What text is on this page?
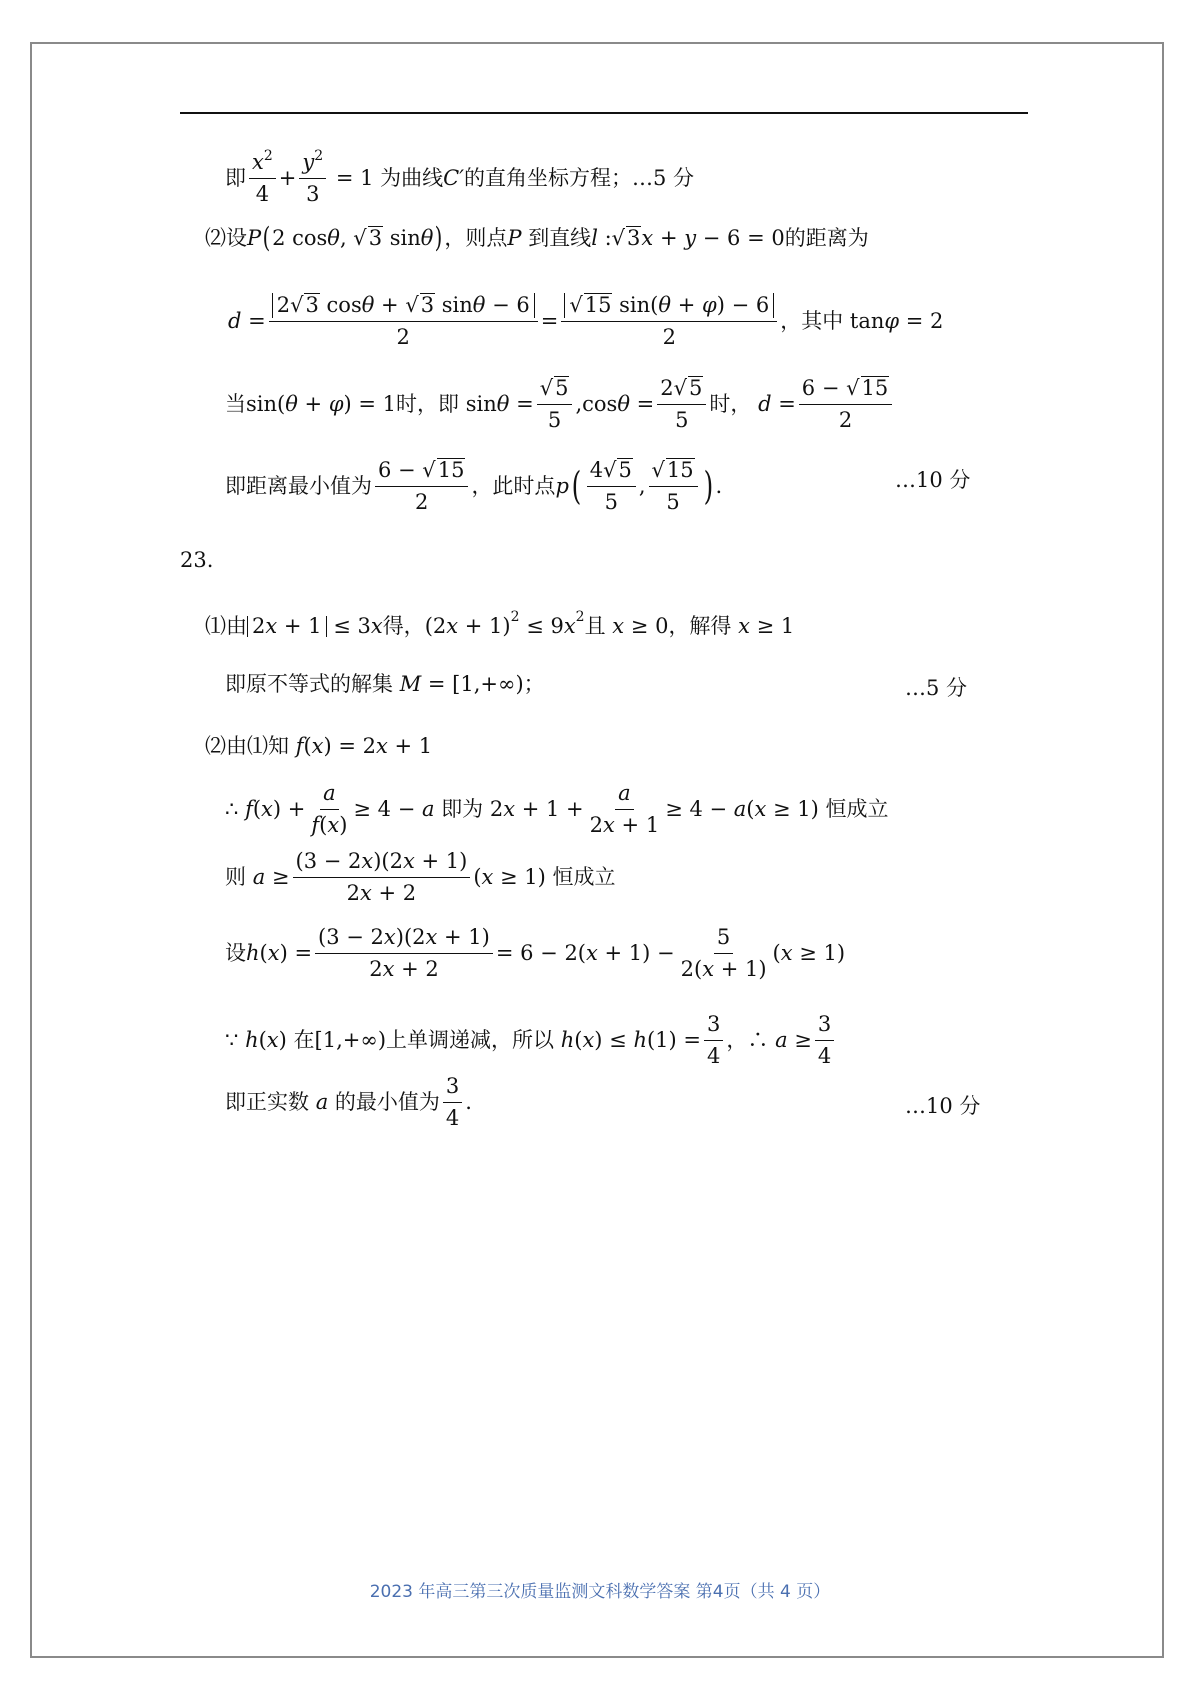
即
$x^2$
4
+
$y^2$
3
= 1 为曲线 C′ 的直角坐标方程；…5 分
⑵设 P ( 2 cos θ , √ 3 sin θ ) ，则点 P
到直线 l :√ 3 x + y − 6 = 0 的距离为
d =
2√3 cosθ + √3 sinθ − 6
2
=
√15 sin(θ + φ) − 6
2
，其中 tan φ = 2
当 sin( θ + φ ) = 1 时，即 sin θ =
√5
5
,cos θ =
2√5
5
时，
d =
6 − √15
2
即距离最小值为
6 − √15
2
，此时点 p ( 4√5
5
,
√15
5 ) .	…10 分
23.
⑴由 2x + 1 ≤ 3 x 得， (2 x + 1) 2 ≤ 9 x 2 且
x ≥ 0 ，解得
x ≥ 1
即原不等式的解集
M = [1,+∞)；	…5 分
⑵由⑴知
f ( x ) = 2 x + 1
∴
f ( x ) +
a
f(x)
≥ 4 − a
即为 2 x + 1 +
a
2x + 1
≥ 4 − a ( x ≥ 1) 恒成立
则
a ≥
(3 − 2x)(2x + 1)
2x + 2
( x ≥ 1) 恒成立
设 h ( x ) =
(3 − 2x)(2x + 1)
2x + 2
= 6 − 2( x + 1) −
5
2(x + 1)
( x ≥ 1)
∵
h ( x ) 在 [1,+∞) 上单调递减，所以
h ( x ) ≤ h (1) =
3
4
，∴
a ≥
3
4
即正实数
a
的最小值为
3
4
.	…10 分
2023 年高三第三次质量监测文科数学答案 第4页（共 4 页）
